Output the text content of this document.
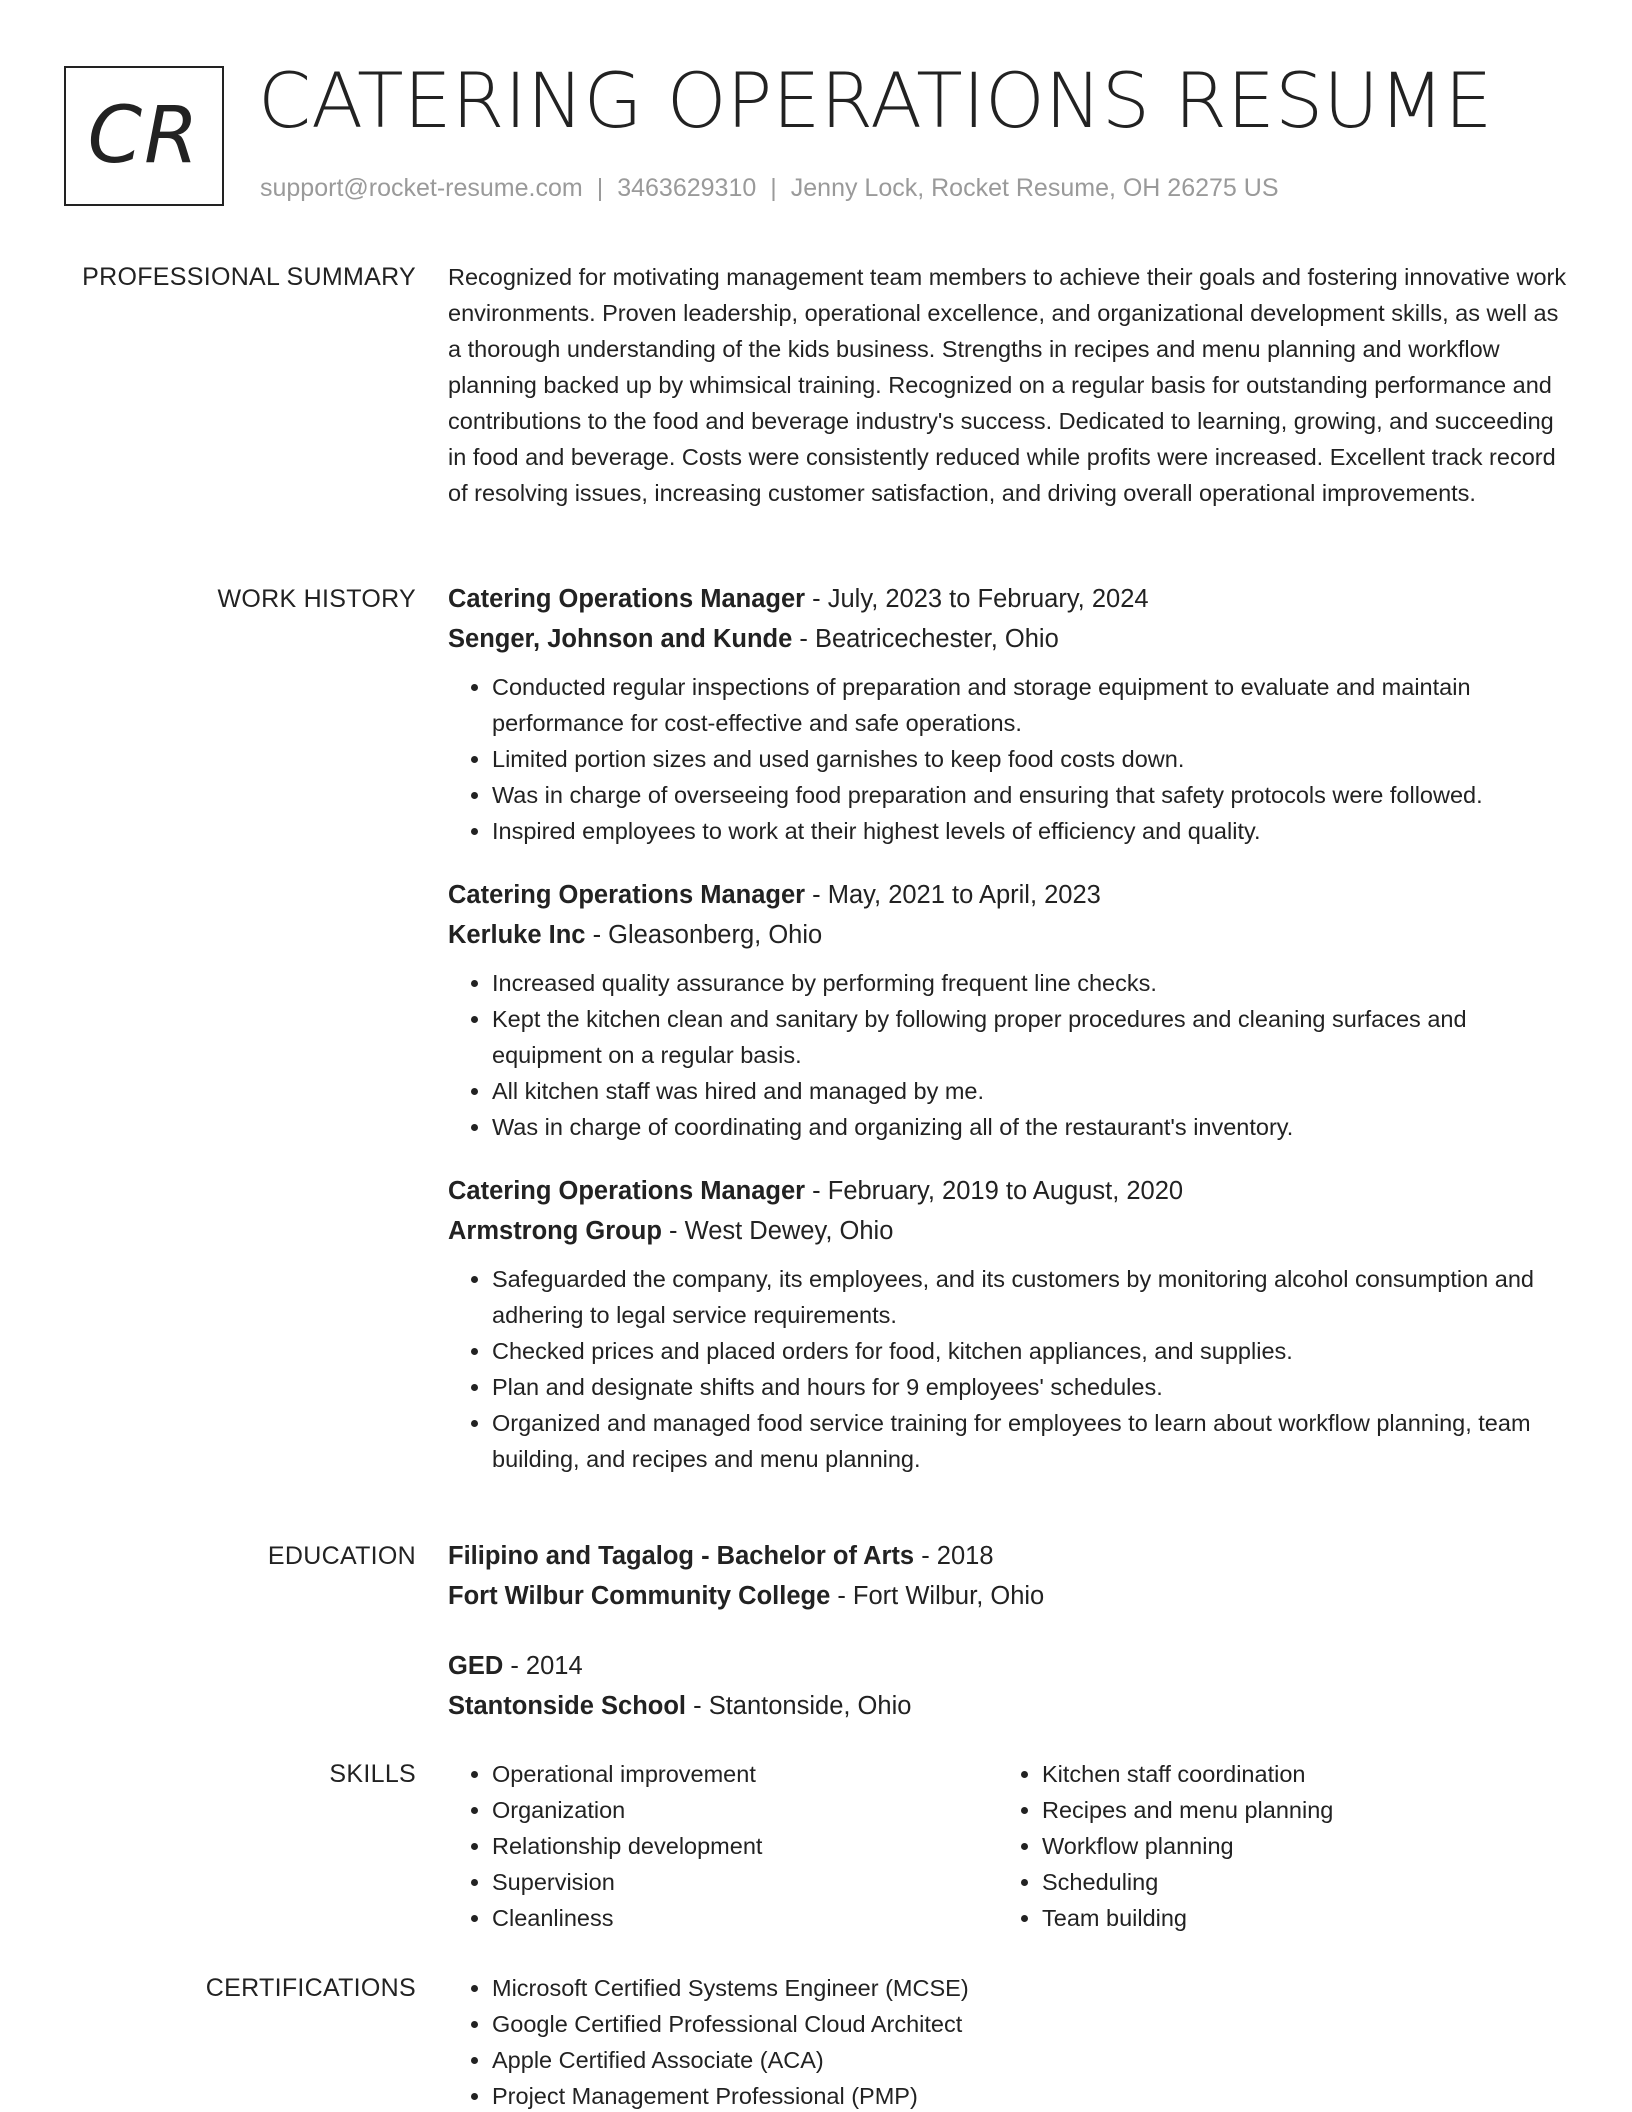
CR CATERING OPERATIONS RESUME
support@rocket-resume.com | 3463629310 | Jenny Lock, Rocket Resume, OH 26275 US
PROFESSIONAL SUMMARY Recognized for motivating management team members to achieve their goals and fostering innovative work environments. Proven leadership, operational excellence, and organizational development skills, as well as a thorough understanding of the kids business. Strengths in recipes and menu planning and workflow planning backed up by whimsical training. Recognized on a regular basis for outstanding performance and contributions to the food and beverage industry's success. Dedicated to learning, growing, and succeeding in food and beverage. Costs were consistently reduced while profits were increased. Excellent track record of resolving issues, increasing customer satisfaction, and driving overall operational improvements.

WORK HISTORY Catering Operations Manager - July, 2023 to February, 2024
Senger, Johnson and Kunde - Beatricechester, Ohio
• Conducted regular inspections of preparation and storage equipment to evaluate and maintain performance for cost-effective and safe operations.
• Limited portion sizes and used garnishes to keep food costs down.
• Was in charge of overseeing food preparation and ensuring that safety protocols were followed.
• Inspired employees to work at their highest levels of efficiency and quality.
Catering Operations Manager - May, 2021 to April, 2023
Kerluke Inc - Gleasonberg, Ohio
• Increased quality assurance by performing frequent line checks.
• Kept the kitchen clean and sanitary by following proper procedures and cleaning surfaces and equipment on a regular basis.
• All kitchen staff was hired and managed by me.
• Was in charge of coordinating and organizing all of the restaurant's inventory.
Catering Operations Manager - February, 2019 to August, 2020
Armstrong Group - West Dewey, Ohio
• Safeguarded the company, its employees, and its customers by monitoring alcohol consumption and adhering to legal service requirements.
• Checked prices and placed orders for food, kitchen appliances, and supplies.
• Plan and designate shifts and hours for 9 employees' schedules.
• Organized and managed food service training for employees to learn about workflow planning, team building, and recipes and menu planning.
EDUCATION Filipino and Tagalog - Bachelor of Arts - 2018
Fort Wilbur Community College - Fort Wilbur, Ohio
GED - 2014
Stantonside School - Stantonside, Ohio
SKILLS	• Operational improvement
• Organization
• Relationship development
• Supervision
• Cleanliness
• Kitchen staff coordination
• Recipes and menu planning
• Workflow planning
• Scheduling
• Team building
CERTIFICATIONS	• Microsoft Certified Systems Engineer (MCSE)
• Google Certified Professional Cloud Architect
• Apple Certified Associate (ACA)
• Project Management Professional (PMP)
